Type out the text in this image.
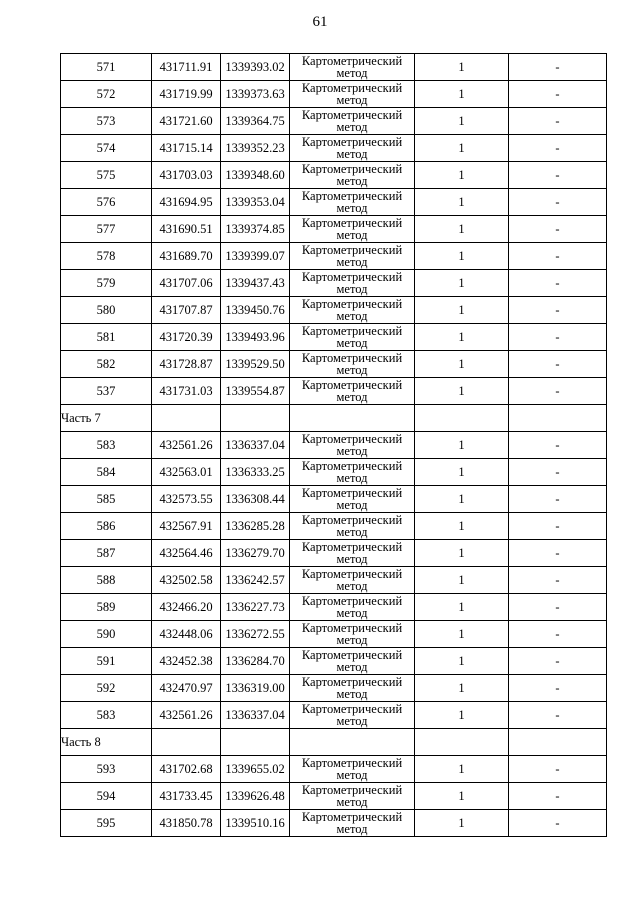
61
571	431711.91	1339393.02	Картометрический метод	1	-
572	431719.99	1339373.63	Картометрический метод	1	-
573	431721.60	1339364.75	Картометрический метод	1	-
574	431715.14	1339352.23	Картометрический метод	1	-
575	431703.03	1339348.60	Картометрический метод	1	-
576	431694.95	1339353.04	Картометрический метод	1	-
577	431690.51	1339374.85	Картометрический метод	1	-
578	431689.70	1339399.07	Картометрический метод	1	-
579	431707.06	1339437.43	Картометрический метод	1	-
580	431707.87	1339450.76	Картометрический метод	1	-
581	431720.39	1339493.96	Картометрический метод	1	-
582	431728.87	1339529.50	Картометрический метод	1	-
537	431731.03	1339554.87	Картометрический метод	1	-
Часть 7					
583	432561.26	1336337.04	Картометрический метод	1	-
584	432563.01	1336333.25	Картометрический метод	1	-
585	432573.55	1336308.44	Картометрический метод	1	-
586	432567.91	1336285.28	Картометрический метод	1	-
587	432564.46	1336279.70	Картометрический метод	1	-
588	432502.58	1336242.57	Картометрический метод	1	-
589	432466.20	1336227.73	Картометрический метод	1	-
590	432448.06	1336272.55	Картометрический метод	1	-
591	432452.38	1336284.70	Картометрический метод	1	-
592	432470.97	1336319.00	Картометрический метод	1	-
583	432561.26	1336337.04	Картометрический метод	1	-
Часть 8					
593	431702.68	1339655.02	Картометрический метод	1	-
594	431733.45	1339626.48	Картометрический метод	1	-
595	431850.78	1339510.16	Картометрический метод	1	-
